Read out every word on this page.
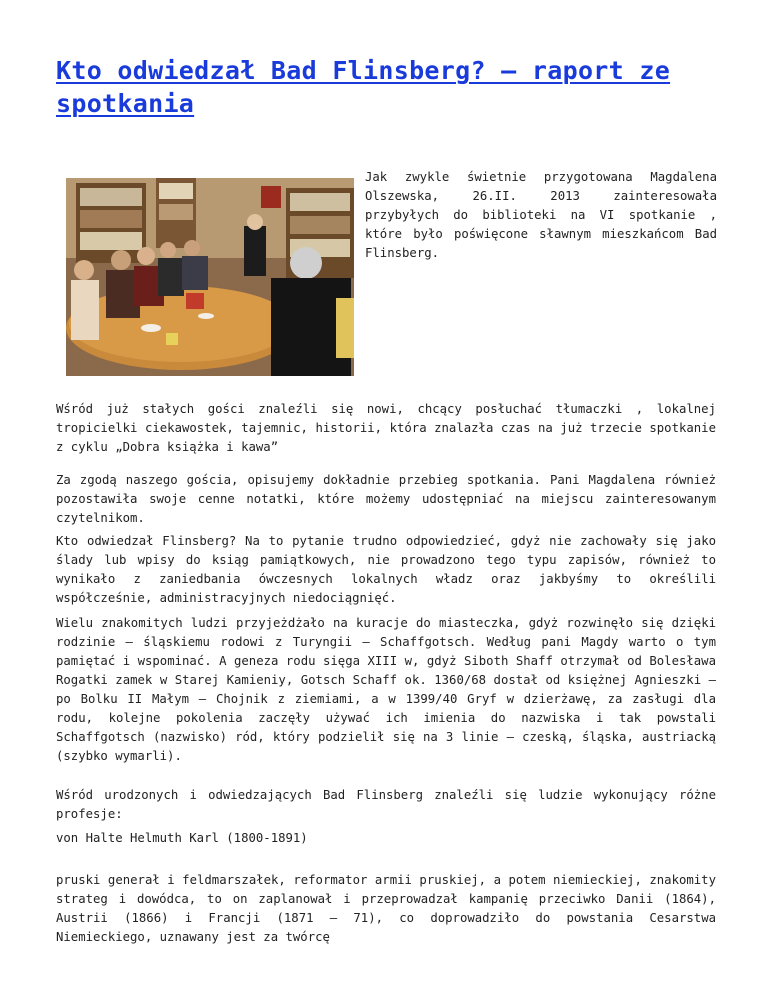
Kto odwiedzał Bad Flinsberg? – raport ze spotkania
Jak zwykle świetnie przygotowana Magdalena Olszewska, 26.II. 2013 zainteresowała przybyłych do biblioteki na VI spotkanie , które było poświęcone sławnym mieszkańcom Bad Flinsberg.

Wśród już stałych gości znaleźli się nowi, chcący posłuchać tłumaczki , lokalnej tropicielki ciekawostek, tajemnic, historii, która znalazła czas na już trzecie spotkanie z cyklu „Dobra książka i kawa”

Za zgodą naszego gościa, opisujemy dokładnie przebieg spotkania. Pani Magdalena również pozostawiła swoje cenne notatki, które możemy udostępniać na miejscu zainteresowanym czytelnikom.

Kto odwiedzał Flinsberg? Na to pytanie trudno odpowiedzieć, gdyż nie zachowały się jako ślady lub wpisy do ksiąg pamiątkowych, nie prowadzono tego typu zapisów, również to wynikało z zaniedbania ówczesnych lokalnych władz oraz jakbyśmy to określili współcześnie, administracyjnych niedociągnięć.

Wielu znakomitych ludzi przyjeżdżało na kuracje do miasteczka, gdyż rozwinęło się dzięki rodzinie – śląskiemu rodowi z Turyngii – Schaffgotsch. Według pani Magdy warto o tym pamiętać i wspominać. A geneza rodu sięga XIII w, gdyż Siboth Shaff otrzymał od Bolesława Rogatki zamek w Starej Kamieniy, Gotsch Schaff ok. 1360/68 dostał od księżnej Agnieszki – po Bolku II Małym – Chojnik z ziemiami, a w 1399/40 Gryf w dzierżawę, za zasługi dla rodu, kolejne pokolenia zaczęły używać ich imienia do nazwiska i tak powstali Schaffgotsch (nazwisko) ród, który podzielił się na 3 linie – czeską, śląska, austriacką (szybko wymarli).

Wśród urodzonych i odwiedzających Bad Flinsberg znaleźli się ludzie wykonujący różne profesje:

von Halte Helmuth Karl (1800-1891)

pruski generał i feldmarszałek, reformator armii pruskiej, a potem niemieckiej, znakomity strateg i dowódca, to on zaplanował i przeprowadzał kampanię przeciwko Danii (1864), Austrii (1866) i Francji (1871 – 71), co doprowadziło do powstania Cesarstwa Niemieckiego, uznawany jest za twórcę
